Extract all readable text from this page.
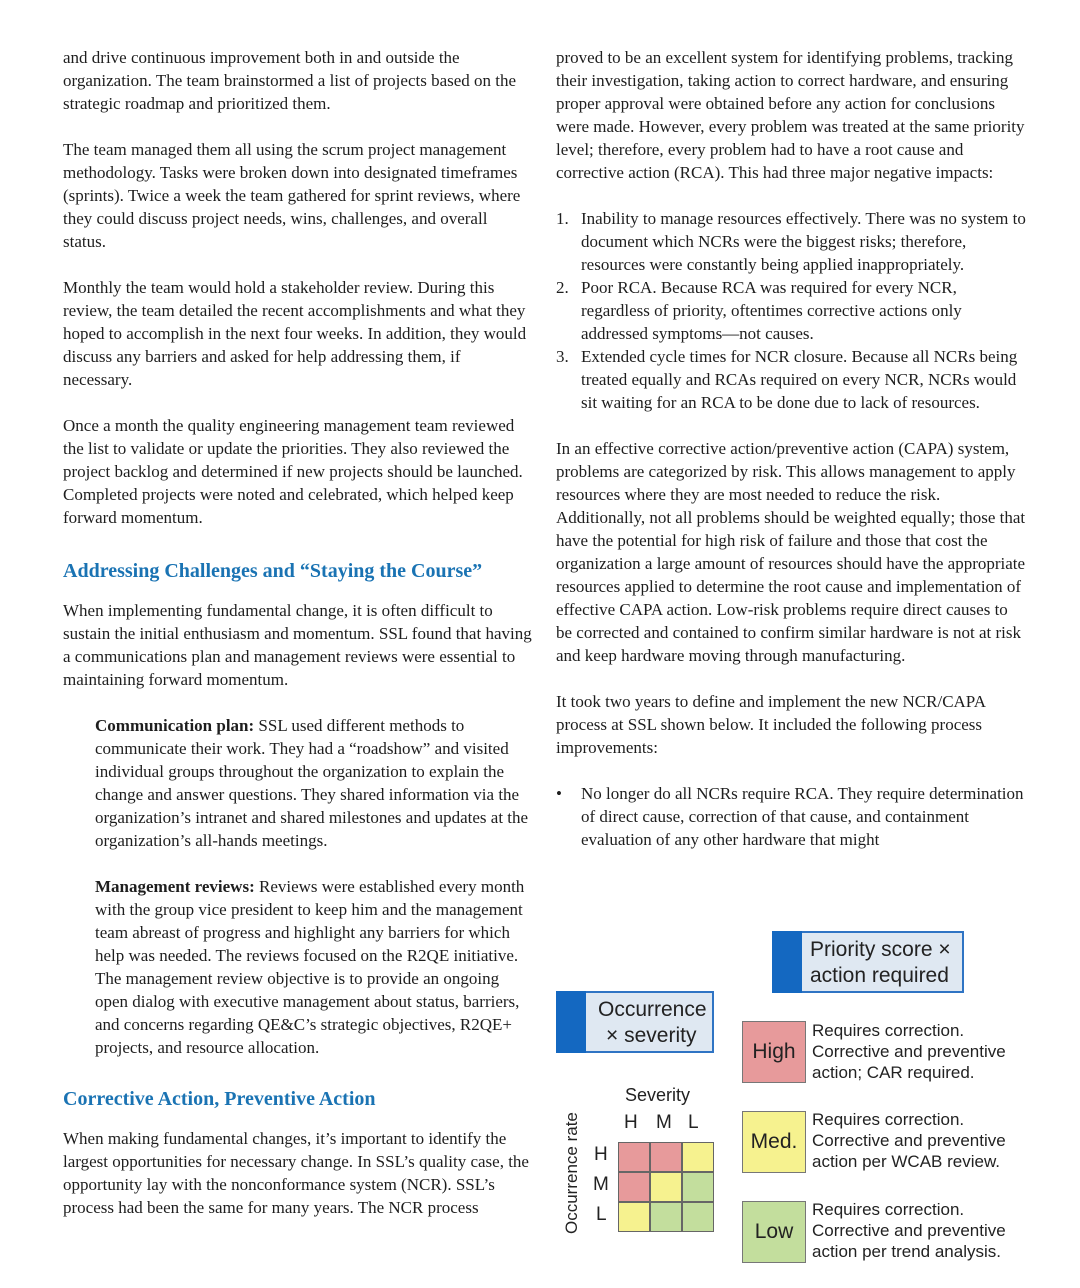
and drive continuous improvement both in and outside the organization. The team brainstormed a list of projects based on the strategic roadmap and prioritized them.

The team managed them all using the scrum project management methodology. Tasks were broken down into designated timeframes (sprints). Twice a week the team gathered for sprint reviews, where they could discuss project needs, wins, challenges, and overall status.

Monthly the team would hold a stakeholder review. During this review, the team detailed the recent accomplishments and what they hoped to accomplish in the next four weeks. In addition, they would discuss any barriers and asked for help addressing them, if necessary.

Once a month the quality engineering management team reviewed the list to validate or update the priorities. They also reviewed the project backlog and determined if new projects should be launched. Completed projects were noted and celebrated, which helped keep forward momentum.

Addressing Challenges and “Staying the Course”

When implementing fundamental change, it is often difficult to sustain the initial enthusiasm and momentum. SSL found that having a communications plan and management reviews were essential to maintaining forward momentum.

Communication plan: SSL used different methods to communicate their work. They had a “roadshow” and visited individual groups throughout the organization to explain the change and answer questions. They shared information via the organization’s intranet and shared milestones and updates at the organization’s all-hands meetings.

Management reviews: Reviews were established every month with the group vice president to keep him and the management team abreast of progress and highlight any barriers for which help was needed. The reviews focused on the R2QE initiative. The management review objective is to provide an ongoing open dialog with executive management about status, barriers, and concerns regarding QE&C’s strategic objectives, R2QE+ projects, and resource allocation.

Corrective Action, Preventive Action

When making fundamental changes, it’s important to identify the largest opportunities for necessary change. In SSL’s quality case, the opportunity lay with the nonconformance system (NCR). SSL’s process had been the same for many years. The NCR process

proved to be an excellent system for identifying problems, tracking their investigation, taking action to correct hardware, and ensuring proper approval were obtained before any action for conclusions were made. However, every problem was treated at the same priority level; therefore, every problem had to have a root cause and corrective action (RCA). This had three major negative impacts:

1. Inability to manage resources effectively. There was no system to document which NCRs were the biggest risks; therefore, resources were constantly being applied inappropriately.
2. Poor RCA. Because RCA was required for every NCR, regardless of priority, oftentimes corrective actions only addressed symptoms—not causes.
3. Extended cycle times for NCR closure. Because all NCRs being treated equally and RCAs required on every NCR, NCRs would sit waiting for an RCA to be done due to lack of resources.

In an effective corrective action/preventive action (CAPA) system, problems are categorized by risk. This allows management to apply resources where they are most needed to reduce the risk. Additionally, not all problems should be weighted equally; those that have the potential for high risk of failure and those that cost the organization a large amount of resources should have the appropriate resources applied to determine the root cause and implementation of effective CAPA action. Low-risk problems require direct causes to be corrected and contained to confirm similar hardware is not at risk and keep hardware moving through manufacturing.

It took two years to define and implement the new NCR/CAPA process at SSL shown below. It included the following process improvements:

• No longer do all NCRs require RCA. They require determination of direct cause, correction of that cause, and containment evaluation of any other hardware that might
Priority score ×
action required
Occurrence
× severity
Severity
H M L
Occurrence rate H
M
L
High
Requires correction.
Corrective and preventive
action; CAR required.
Med.
Requires correction.
Corrective and preventive
action per WCAB review.
Low
Requires correction.
Corrective and preventive
action per trend analysis.
